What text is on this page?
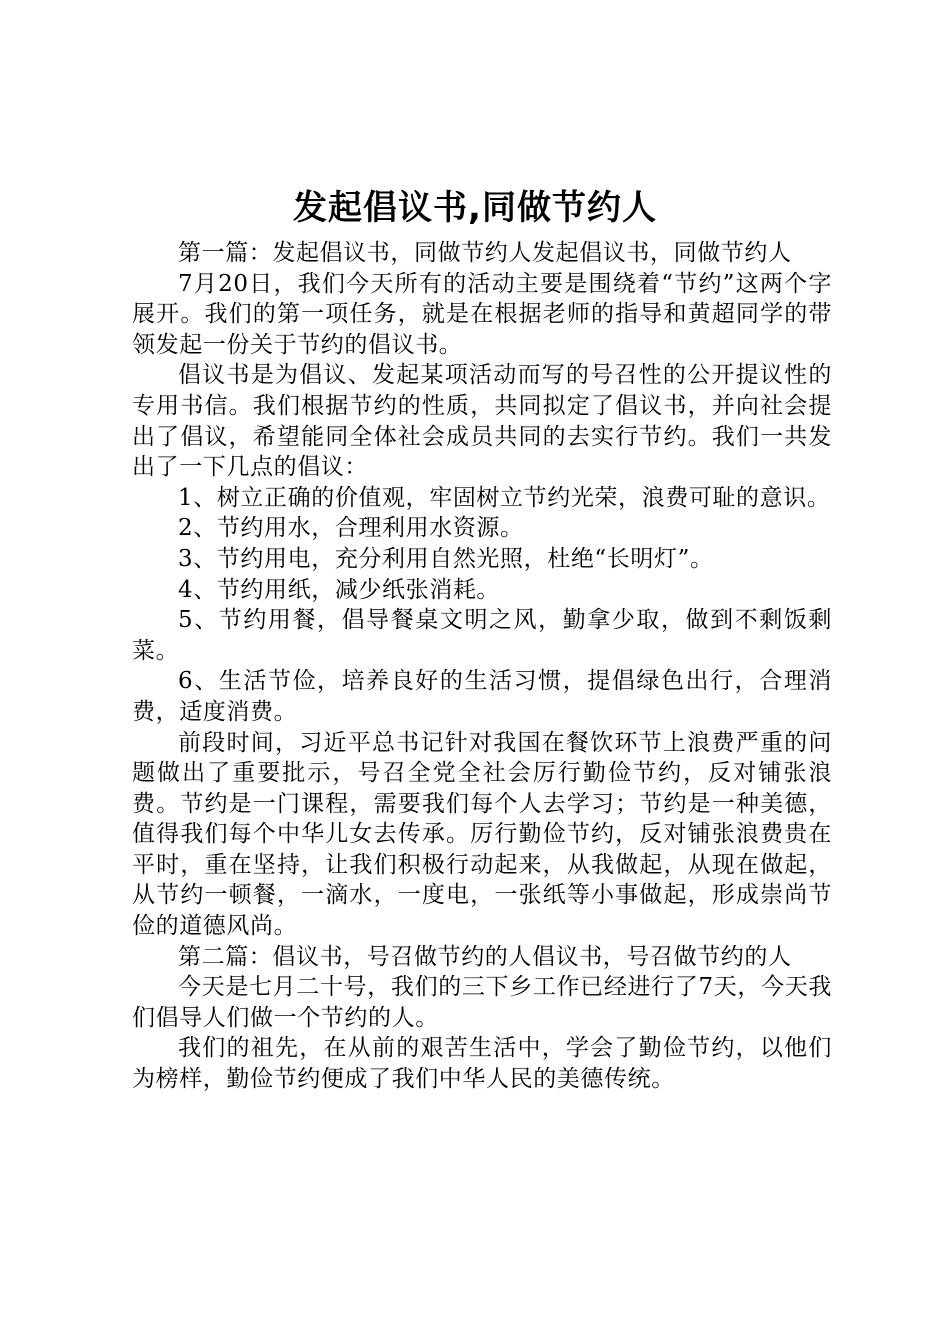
发起倡议书,同做节约人

第一篇：发起倡议书，同做节约人发起倡议书，同做节约人

7月20日，我们今天所有的活动主要是围绕着“节约”这两个字展开。我们的第一项任务，就是在根据老师的指导和黄超同学的带领发起一份关于节约的倡议书。

倡议书是为倡议、发起某项活动而写的号召性的公开提议性的专用书信。我们根据节约的性质，共同拟定了倡议书，并向社会提出了倡议，希望能同全体社会成员共同的去实行节约。我们一共发出了一下几点的倡议：

1、树立正确的价值观，牢固树立节约光荣，浪费可耻的意识。

2、节约用水，合理利用水资源。

3、节约用电，充分利用自然光照，杜绝“长明灯”。

4、节约用纸，减少纸张消耗。

5、节约用餐，倡导餐桌文明之风，勤拿少取，做到不剩饭剩菜。

6、生活节俭，培养良好的生活习惯，提倡绿色出行，合理消费，适度消费。

前段时间，习近平总书记针对我国在餐饮环节上浪费严重的问题做出了重要批示，号召全党全社会厉行勤俭节约，反对铺张浪费。节约是一门课程，需要我们每个人去学习；节约是一种美德，值得我们每个中华儿女去传承。厉行勤俭节约，反对铺张浪费贵在平时，重在坚持，让我们积极行动起来，从我做起，从现在做起，从节约一顿餐，一滴水，一度电，一张纸等小事做起，形成崇尚节俭的道德风尚。

第二篇：倡议书，号召做节约的人倡议书，号召做节约的人

今天是七月二十号，我们的三下乡工作已经进行了7天，今天我们倡导人们做一个节约的人。

我们的祖先，在从前的艰苦生活中，学会了勤俭节约，以他们为榜样，勤俭节约便成了我们中华人民的美德传统。
